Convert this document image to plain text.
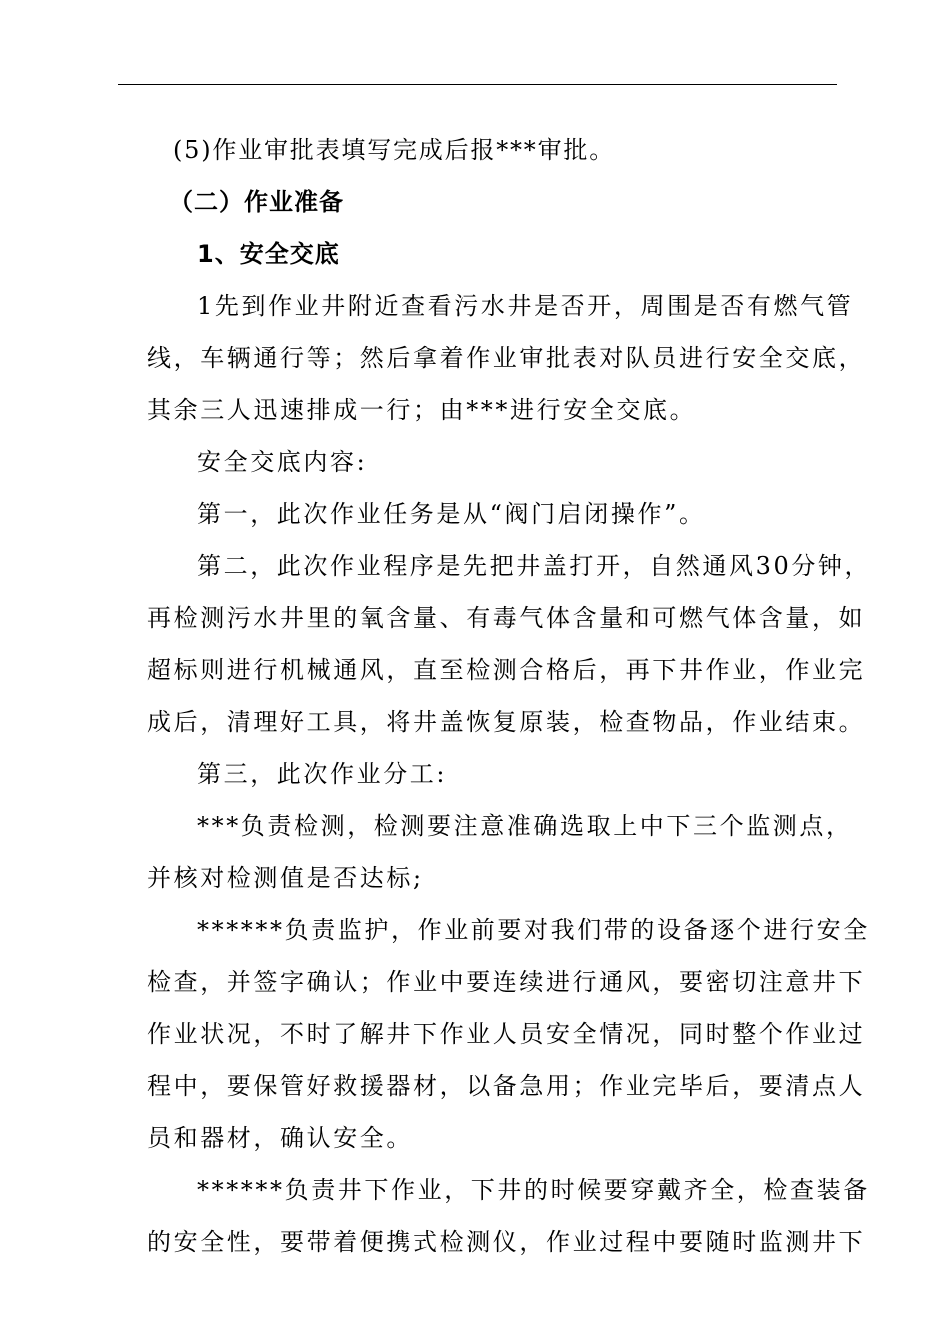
(5)作业审批表填写完成后报***审批。

（二）作业准备

1、安全交底

1先到作业井附近查看污水井是否开，周围是否有燃气管

线，车辆通行等；然后拿着作业审批表对队员进行安全交底，

其余三人迅速排成一行；由***进行安全交底。

安全交底内容:

第一，此次作业任务是从“阀门启闭操作”。

第二，此次作业程序是先把井盖打开，自然通风30分钟，

再检测污水井里的氧含量、有毒气体含量和可燃气体含量，如

超标则进行机械通风，直至检测合格后，再下井作业，作业完

成后，清理好工具，将井盖恢复原装，检查物品，作业结束。

第三，此次作业分工:

***负责检测，检测要注意准确选取上中下三个监测点，

并核对检测值是否达标;

******负责监护，作业前要对我们带的设备逐个进行安全

检查，并签字确认；作业中要连续进行通风，要密切注意井下

作业状况，不时了解井下作业人员安全情况，同时整个作业过

程中，要保管好救援器材，以备急用；作业完毕后，要清点人

员和器材，确认安全。

******负责井下作业，下井的时候要穿戴齐全，检查装备

的安全性，要带着便携式检测仪，作业过程中要随时监测井下
